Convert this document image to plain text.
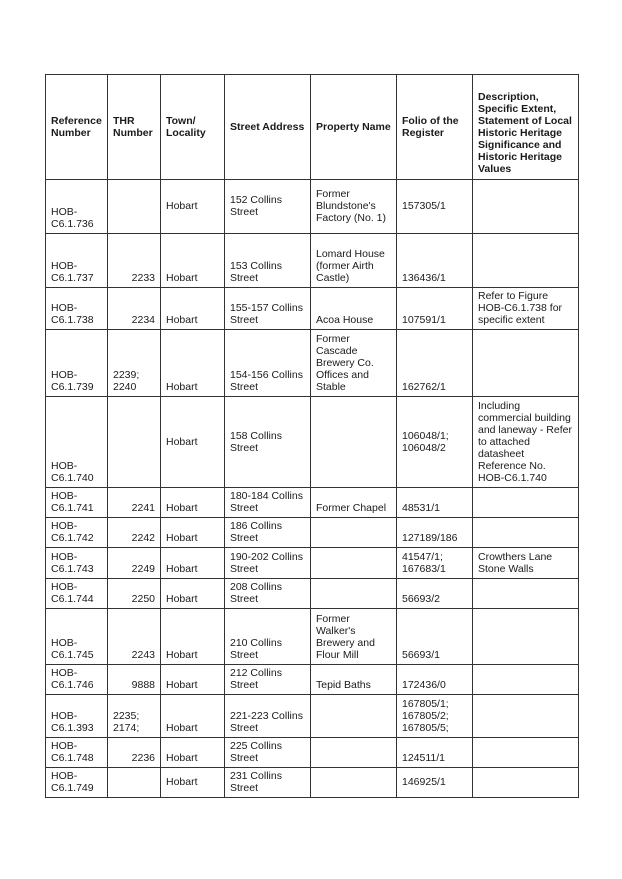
Reference Number	THR Number	Town/ Locality	Street Address	Property Name	Folio of the Register	Description, Specific Extent, Statement of Local Historic Heritage Significance and Historic Heritage Values
HOB-C6.1.736		Hobart	152 Collins Street	Former Blundstone's Factory (No. 1)	157305/1	
HOB-C6.1.737	2233	Hobart	153 Collins Street	Lomard House (former Airth Castle)	136436/1	
HOB-C6.1.738	2234	Hobart	155-157 Collins Street	Acoa House	107591/1	Refer to Figure HOB-C6.1.738 for specific extent
HOB-C6.1.739	2239; 2240	Hobart	154-156 Collins Street	Former Cascade Brewery Co. Offices and Stable	162762/1	
HOB-C6.1.740		Hobart	158 Collins Street		106048/1; 106048/2	Including commercial building and laneway - Refer to attached datasheet Reference No. HOB-C6.1.740
HOB-C6.1.741	2241	Hobart	180-184 Collins Street	Former Chapel	48531/1	
HOB-C6.1.742	2242	Hobart	186 Collins Street		127189/186	
HOB-C6.1.743	2249	Hobart	190-202 Collins Street		41547/1; 167683/1	Crowthers Lane Stone Walls
HOB-C6.1.744	2250	Hobart	208 Collins Street		56693/2	
HOB-C6.1.745	2243	Hobart	210 Collins Street	Former Walker's Brewery and Flour Mill	56693/1	
HOB-C6.1.746	9888	Hobart	212 Collins Street	Tepid Baths	172436/0	
HOB-C6.1.393	2235; 2174;	Hobart	221-223 Collins Street		167805/1; 167805/2; 167805/5;	
HOB-C6.1.748	2236	Hobart	225 Collins Street		124511/1	
HOB-C6.1.749		Hobart	231 Collins Street		146925/1	
